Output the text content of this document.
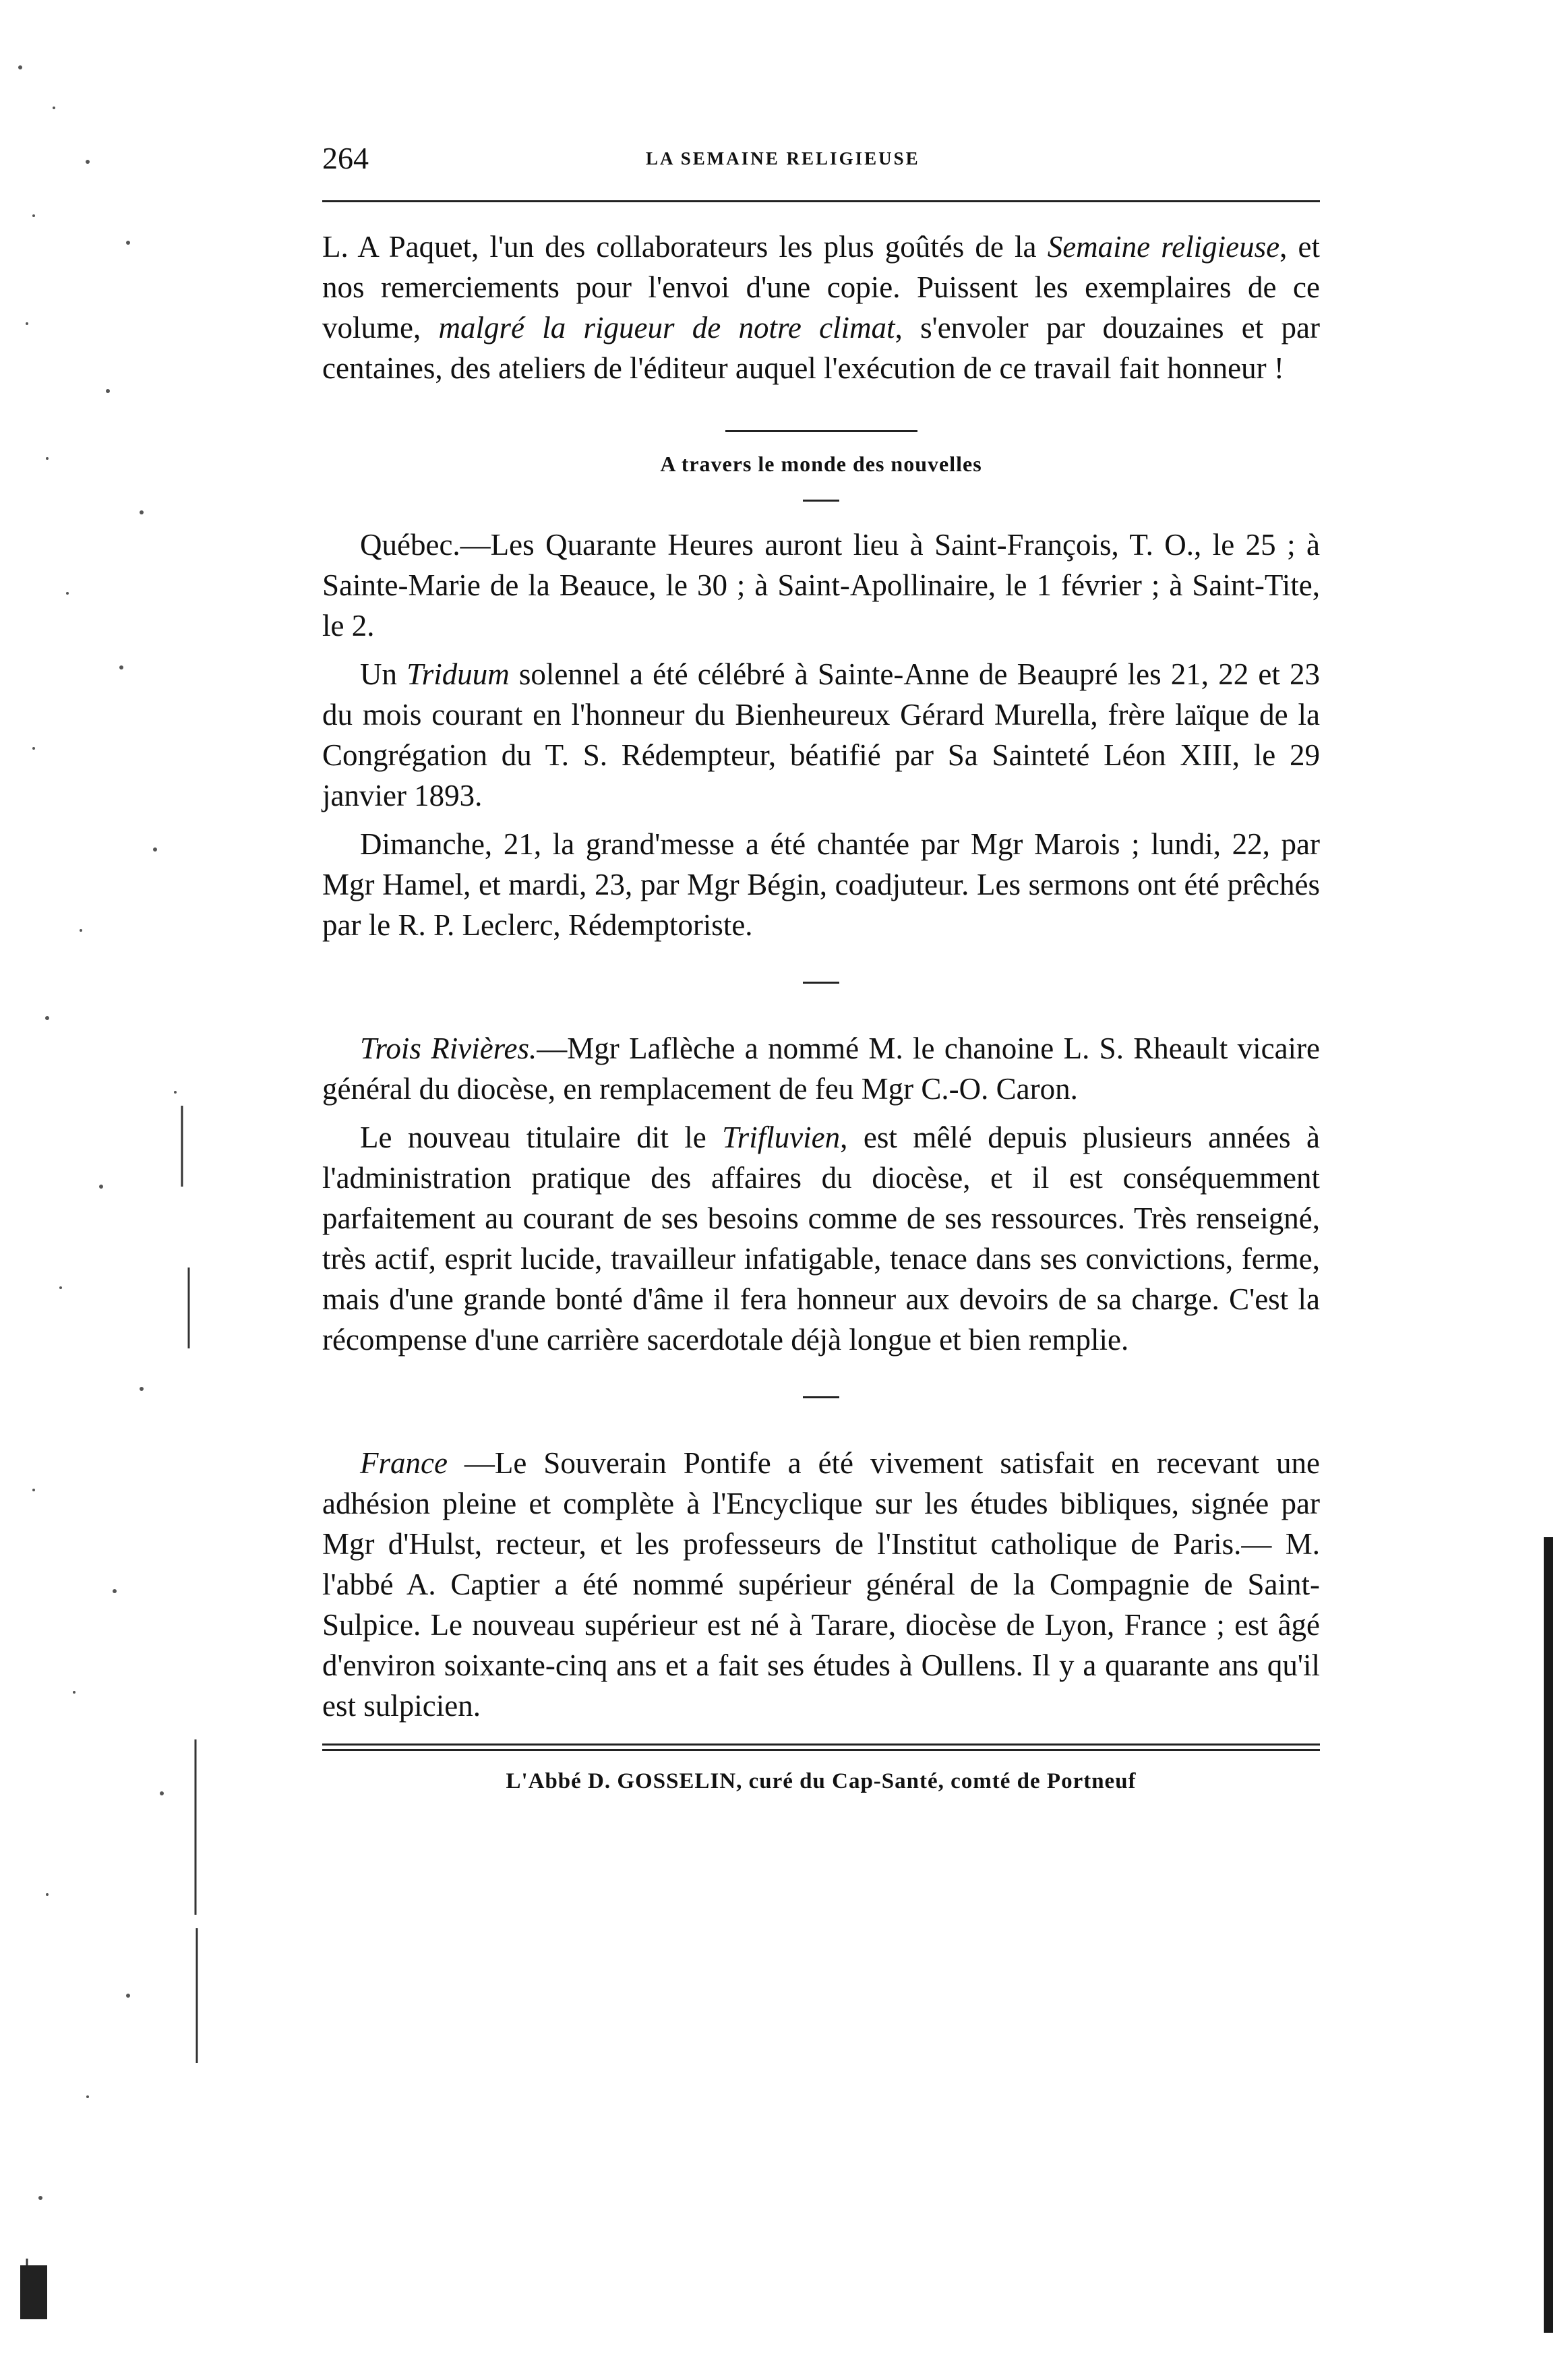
264	LA SEMAINE RELIGIEUSE

L. A Paquet, l'un des collaborateurs les plus goûtés de la Semaine religieuse, et nos remerciements pour l'envoi d'une copie. Puissent les exemplaires de ce volume, malgré la rigueur de notre climat, s'envoler par douzaines et par centaines, des ateliers de l'éditeur auquel l'exécution de ce travail fait honneur !

A travers le monde des nouvelles

Québec.—Les Quarante Heures auront lieu à Saint-François, T. O., le 25 ; à Sainte-Marie de la Beauce, le 30 ; à Saint-Apollinaire, le 1 février ; à Saint-Tite, le 2.

Un Triduum solennel a été célébré à Sainte-Anne de Beaupré les 21, 22 et 23 du mois courant en l'honneur du Bienheureux Gérard Murella, frère laïque de la Congrégation du T. S. Rédempteur, béatifié par Sa Sainteté Léon XIII, le 29 janvier 1893.

Dimanche, 21, la grand'messe a été chantée par Mgr Marois ; lundi, 22, par Mgr Hamel, et mardi, 23, par Mgr Bégin, coadjuteur. Les sermons ont été prêchés par le R. P. Leclerc, Rédemptoriste.

Trois Rivières.—Mgr Laflèche a nommé M. le chanoine L. S. Rheault vicaire général du diocèse, en remplacement de feu Mgr C.-O. Caron.

Le nouveau titulaire dit le Trifluvien, est mêlé depuis plusieurs années à l'administration pratique des affaires du diocèse, et il est conséquemment parfaitement au courant de ses besoins comme de ses ressources. Très renseigné, très actif, esprit lucide, travailleur infatigable, tenace dans ses convictions, ferme, mais d'une grande bonté d'âme il fera honneur aux devoirs de sa charge. C'est la récompense d'une carrière sacerdotale déjà longue et bien remplie.

France —Le Souverain Pontife a été vivement satisfait en recevant une adhésion pleine et complète à l'Encyclique sur les études bibliques, signée par Mgr d'Hulst, recteur, et les professeurs de l'Institut catholique de Paris.— M. l'abbé A. Captier a été nommé supérieur général de la Compagnie de Saint-Sulpice. Le nouveau supérieur est né à Tarare, diocèse de Lyon, France ; est âgé d'environ soixante-cinq ans et a fait ses études à Oullens. Il y a quarante ans qu'il est sulpicien.

L'Abbé D. GOSSELIN, curé du Cap-Santé, comté de Portneuf
